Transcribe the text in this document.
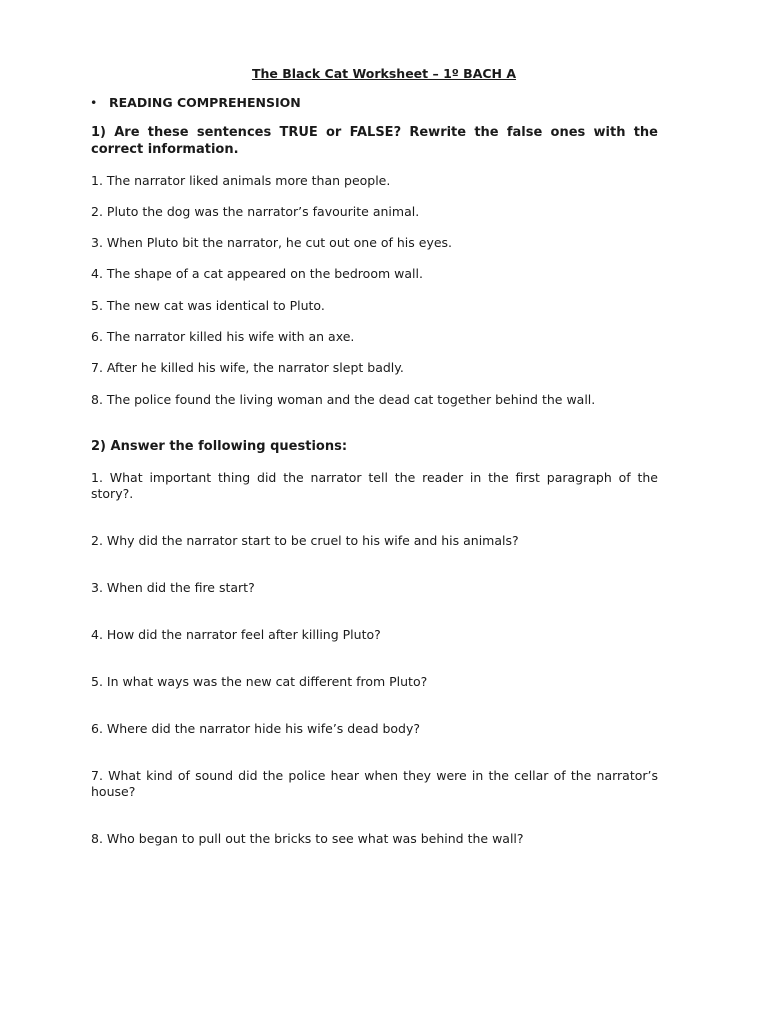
The Black Cat Worksheet – 1º BACH A
• READING COMPREHENSION
1) Are these sentences TRUE or FALSE? Rewrite the false ones with the correct information.
1. The narrator liked animals more than people.
2. Pluto the dog was the narrator’s favourite animal.
3. When Pluto bit the narrator, he cut out one of his eyes.
4. The shape of a cat appeared on the bedroom wall.
5. The new cat was identical to Pluto.
6. The narrator killed his wife with an axe.
7. After he killed his wife, the narrator slept badly.
8. The police found the living woman and the dead cat together behind the wall.
2) Answer the following questions:
1. What important thing did the narrator tell the reader in the first paragraph of the story?.
2. Why did the narrator start to be cruel to his wife and his animals?
3. When did the fire start?
4. How did the narrator feel after killing Pluto?
5. In what ways was the new cat different from Pluto?
6. Where did the narrator hide his wife’s dead body?
7. What kind of sound did the police hear when they were in the cellar of the narrator’s house?
8. Who began to pull out the bricks to see what was behind the wall?
